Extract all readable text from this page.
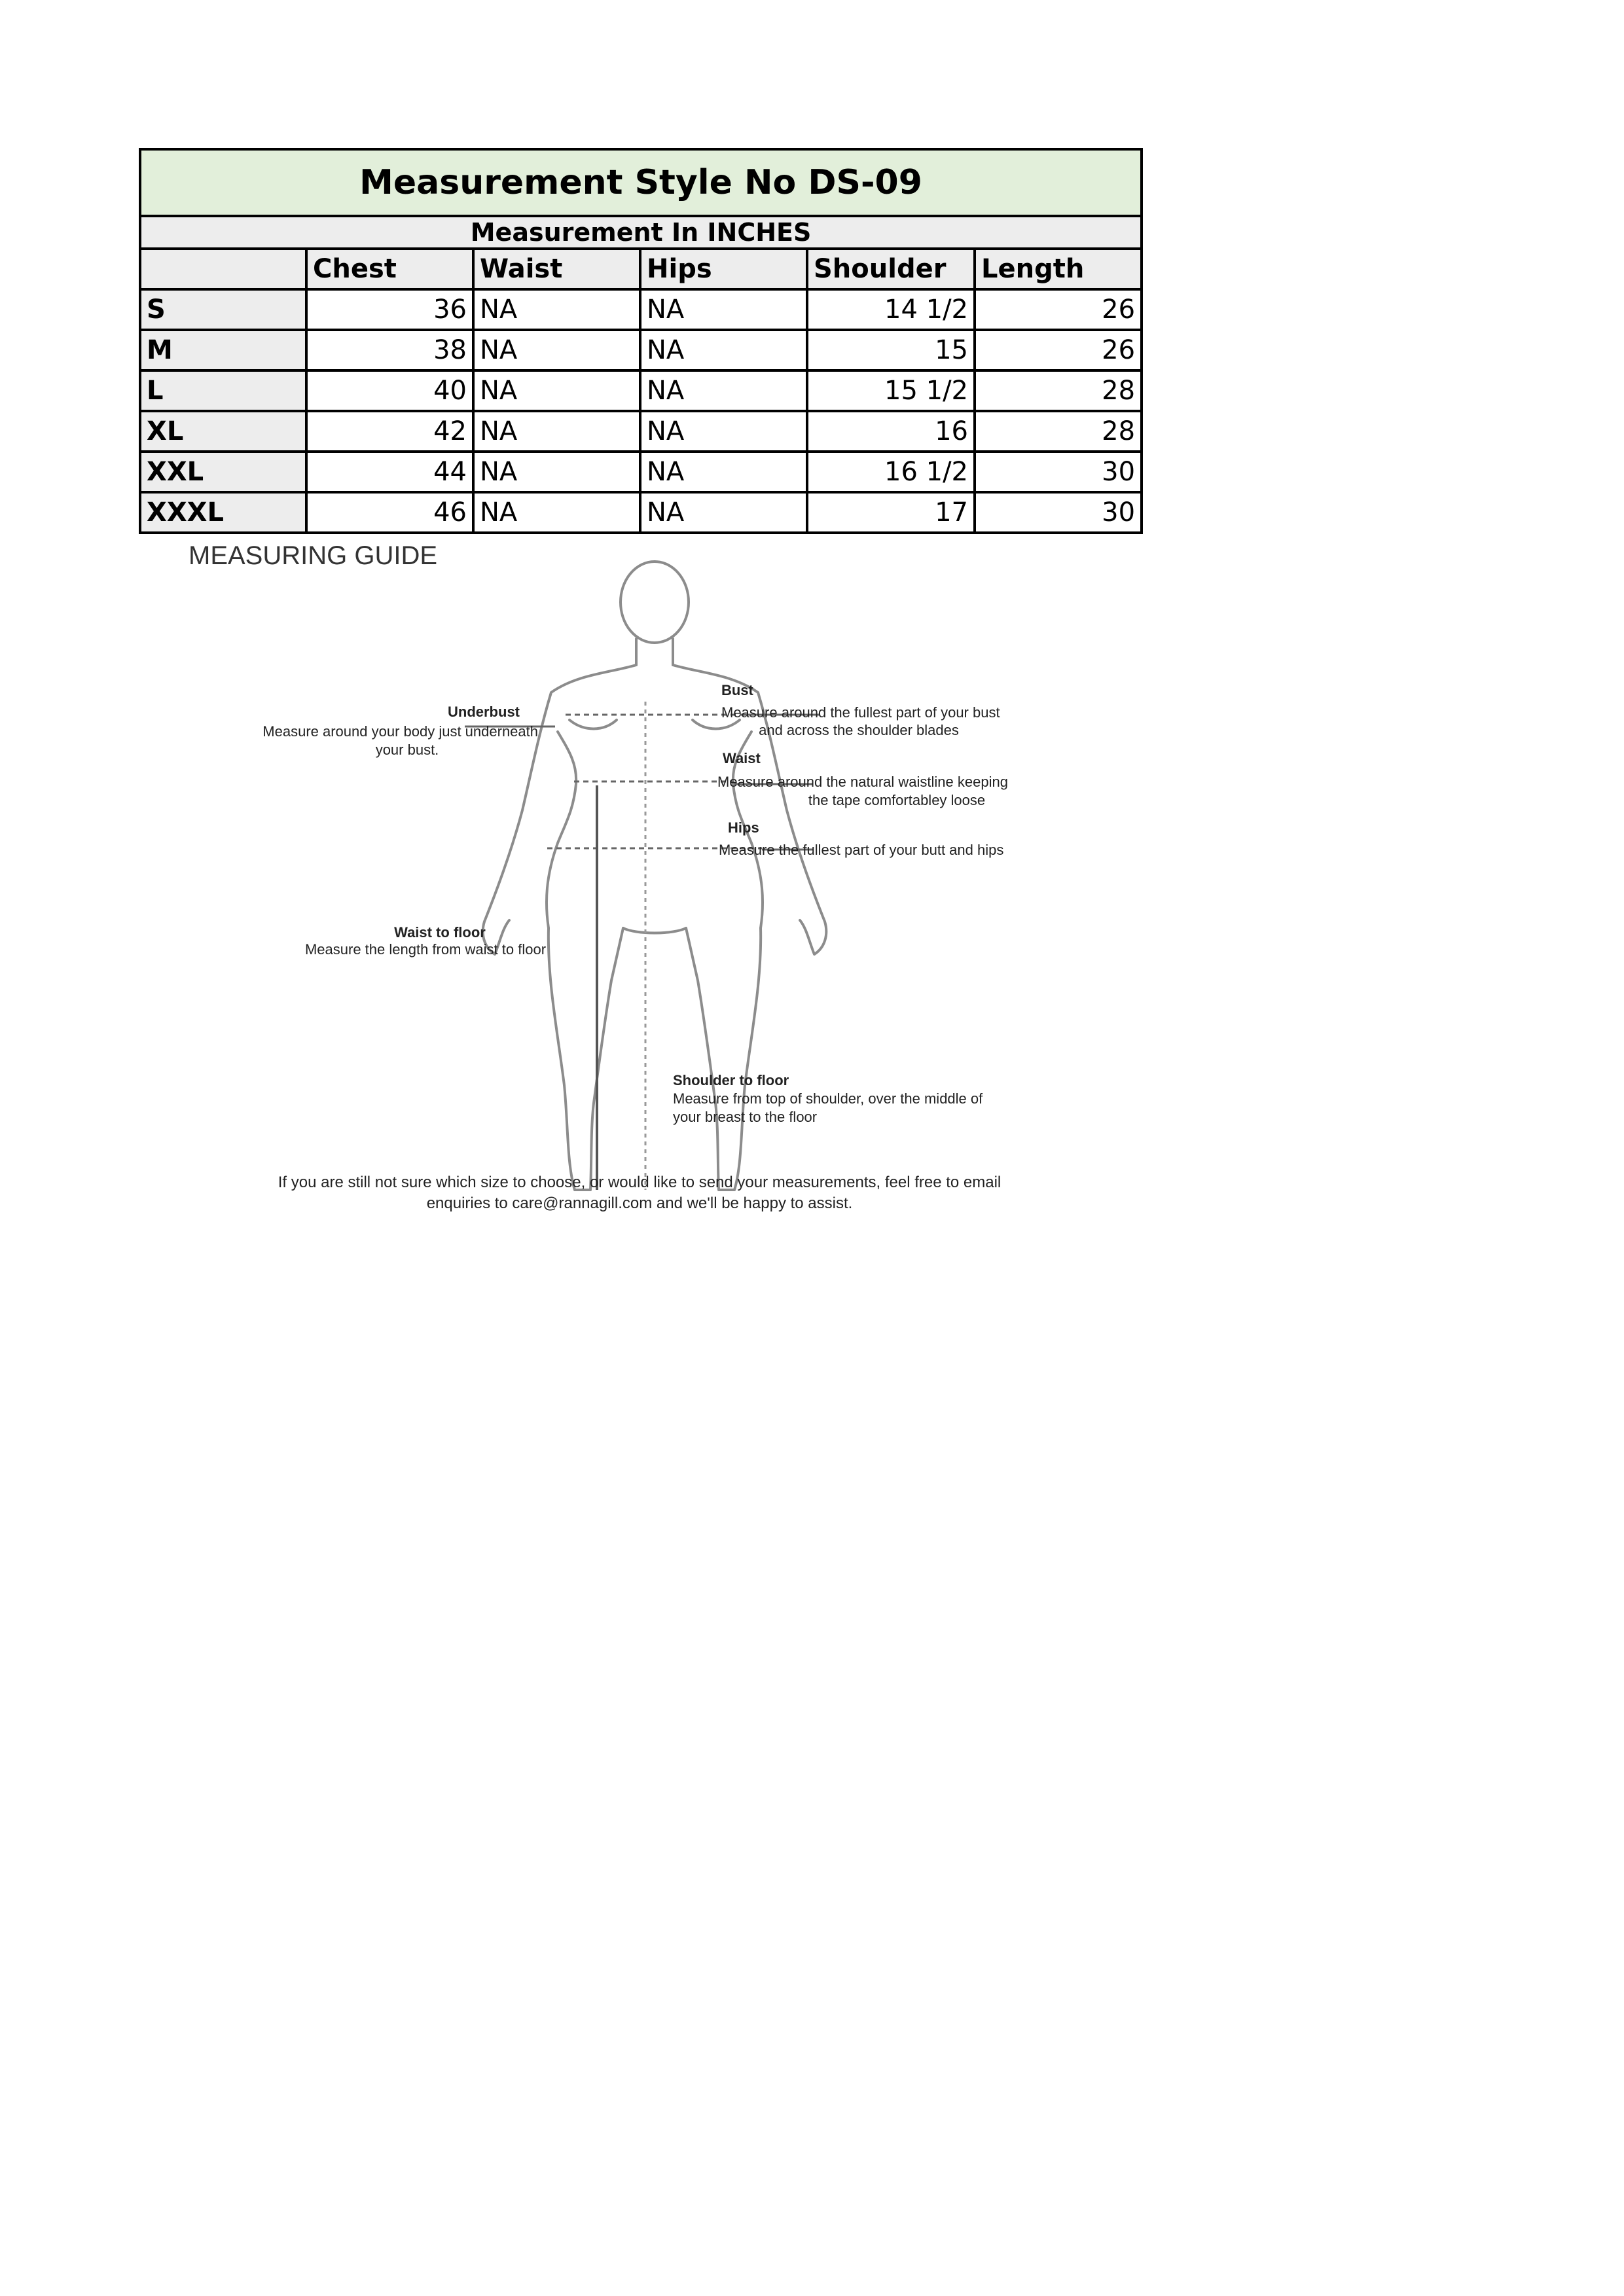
Measurement Style No DS-09					
Measurement In INCHES					
	Chest	Waist	Hips	Shoulder	Length
S	36	NA	NA	14 1/2	26
M	38	NA	NA	15	26
L	40	NA	NA	15 1/2	28
XL	42	NA	NA	16	28
XXL	44	NA	NA	16 1/2	30
XXXL	46	NA	NA	17	30
MEASURING GUIDE
Underbust
Measure around your body just underneath
your bust.
Bust
Measure around the fullest part of your bust
and across the shoulder blades
Waist
Measure around the natural waistline keeping
the tape comfortabley loose
Hips
Measure the fullest part of your butt and hips
Waist to floor
Measure the length from waist to floor
Shoulder to floor
Measure from top of shoulder, over the middle of
your breast to the floor
If you are still not sure which size to choose, or would like to send your measurements, feel free to email
enquiries to care@rannagill.com and we'll be happy to assist.
